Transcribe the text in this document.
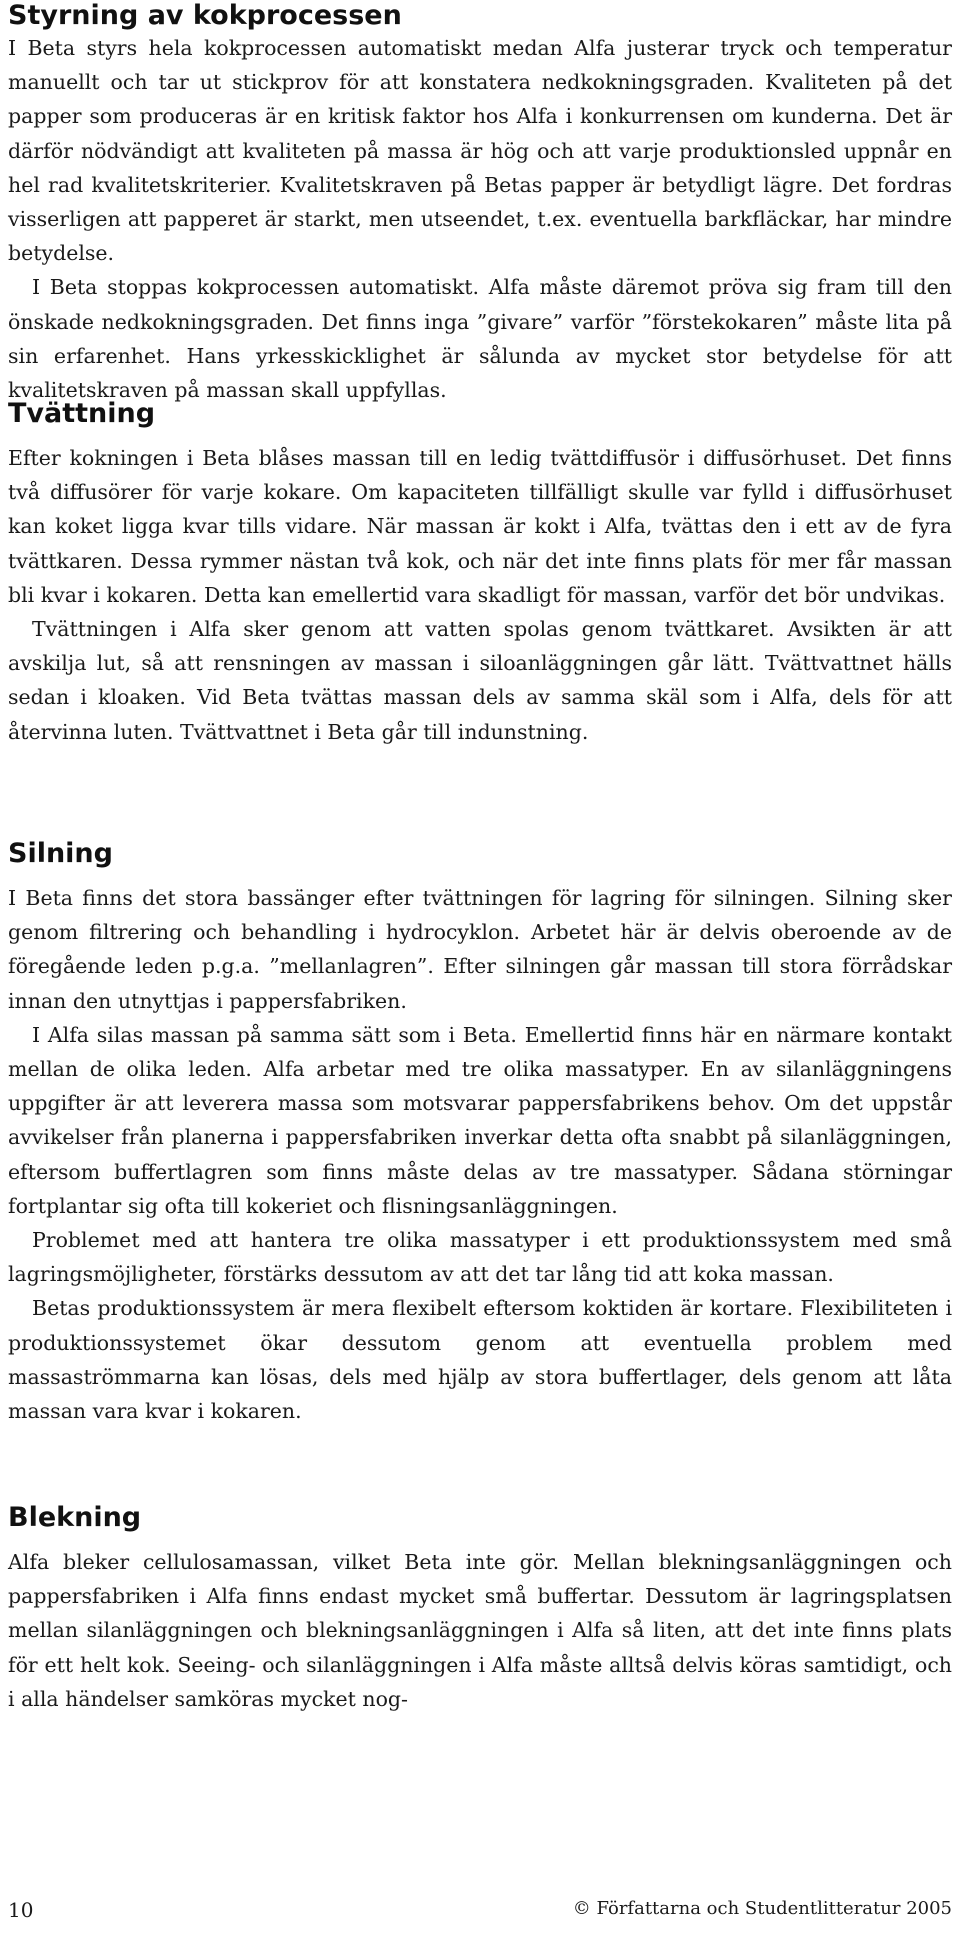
Styrning av kokprocessen

I Beta styrs hela kokprocessen automatiskt medan Alfa justerar tryck och temperatur manuellt och tar ut stickprov för att konstatera nedkokningsgraden. Kvaliteten på det papper som produceras är en kritisk faktor hos Alfa i konkurrensen om kunderna. Det är därför nödvändigt att kvaliteten på massa är hög och att varje produktionsled uppnår en hel rad kvalitetskriterier. Kvalitetskraven på Betas papper är betydligt lägre. Det fordras visserligen att papperet är starkt, men utseendet, t.ex. eventuella barkfläckar, har mindre betydelse.

I Beta stoppas kokprocessen automatiskt. Alfa måste däremot pröva sig fram till den önskade nedkokningsgraden. Det finns inga ”givare” varför ”förstekokaren” måste lita på sin erfarenhet. Hans yrkesskicklighet är sålunda av mycket stor betydelse för att kvalitetskraven på massan skall uppfyllas.

Tvättning

Efter kokningen i Beta blåses massan till en ledig tvättdiffusör i diffusörhuset. Det finns två diffusörer för varje kokare. Om kapaciteten tillfälligt skulle var fylld i diffusörhuset kan koket ligga kvar tills vidare. När massan är kokt i Alfa, tvättas den i ett av de fyra tvättkaren. Dessa rymmer nästan två kok, och när det inte finns plats för mer får massan bli kvar i kokaren. Detta kan emellertid vara skadligt för massan, varför det bör undvikas.

Tvättningen i Alfa sker genom att vatten spolas genom tvättkaret. Avsikten är att avskilja lut, så att rensningen av massan i siloanläggningen går lätt. Tvättvattnet hälls sedan i kloaken. Vid Beta tvättas massan dels av samma skäl som i Alfa, dels för att återvinna luten. Tvättvattnet i Beta går till indunstning.

Silning

I Beta finns det stora bassänger efter tvättningen för lagring för silningen. Silning sker genom filtrering och behandling i hydrocyklon. Arbetet här är delvis oberoende av de föregående leden p.g.a. ”mellanlagren”. Efter silningen går massan till stora förrådskar innan den utnyttjas i pappersfabriken.

I Alfa silas massan på samma sätt som i Beta. Emellertid finns här en närmare kontakt mellan de olika leden. Alfa arbetar med tre olika massatyper. En av silanläggningens uppgifter är att leverera massa som motsvarar pappersfabrikens behov. Om det uppstår avvikelser från planerna i pappersfabriken inverkar detta ofta snabbt på silanläggningen, eftersom buffertlagren som finns måste delas av tre massatyper. Sådana störningar fortplantar sig ofta till kokeriet och flisningsanläggningen.

Problemet med att hantera tre olika massatyper i ett produktionssystem med små lagringsmöjligheter, förstärks dessutom av att det tar lång tid att koka massan.

Betas produktionssystem är mera flexibelt eftersom koktiden är kortare. Flexibiliteten i produktionssystemet ökar dessutom genom att eventuella problem med massaströmmarna kan lösas, dels med hjälp av stora buffertlager, dels genom att låta massan vara kvar i kokaren.

Blekning

Alfa bleker cellulosamassan, vilket Beta inte gör. Mellan blekningsanläggningen och pappersfabriken i Alfa finns endast mycket små buffertar. Dessutom är lagringsplatsen mellan silanläggningen och blekningsanläggningen i Alfa så liten, att det inte finns plats för ett helt kok. Seeing- och silanläggningen i Alfa måste alltså delvis köras samtidigt, och i alla händelser samköras mycket nog-

10	© Författarna och Studentlitteratur 2005
